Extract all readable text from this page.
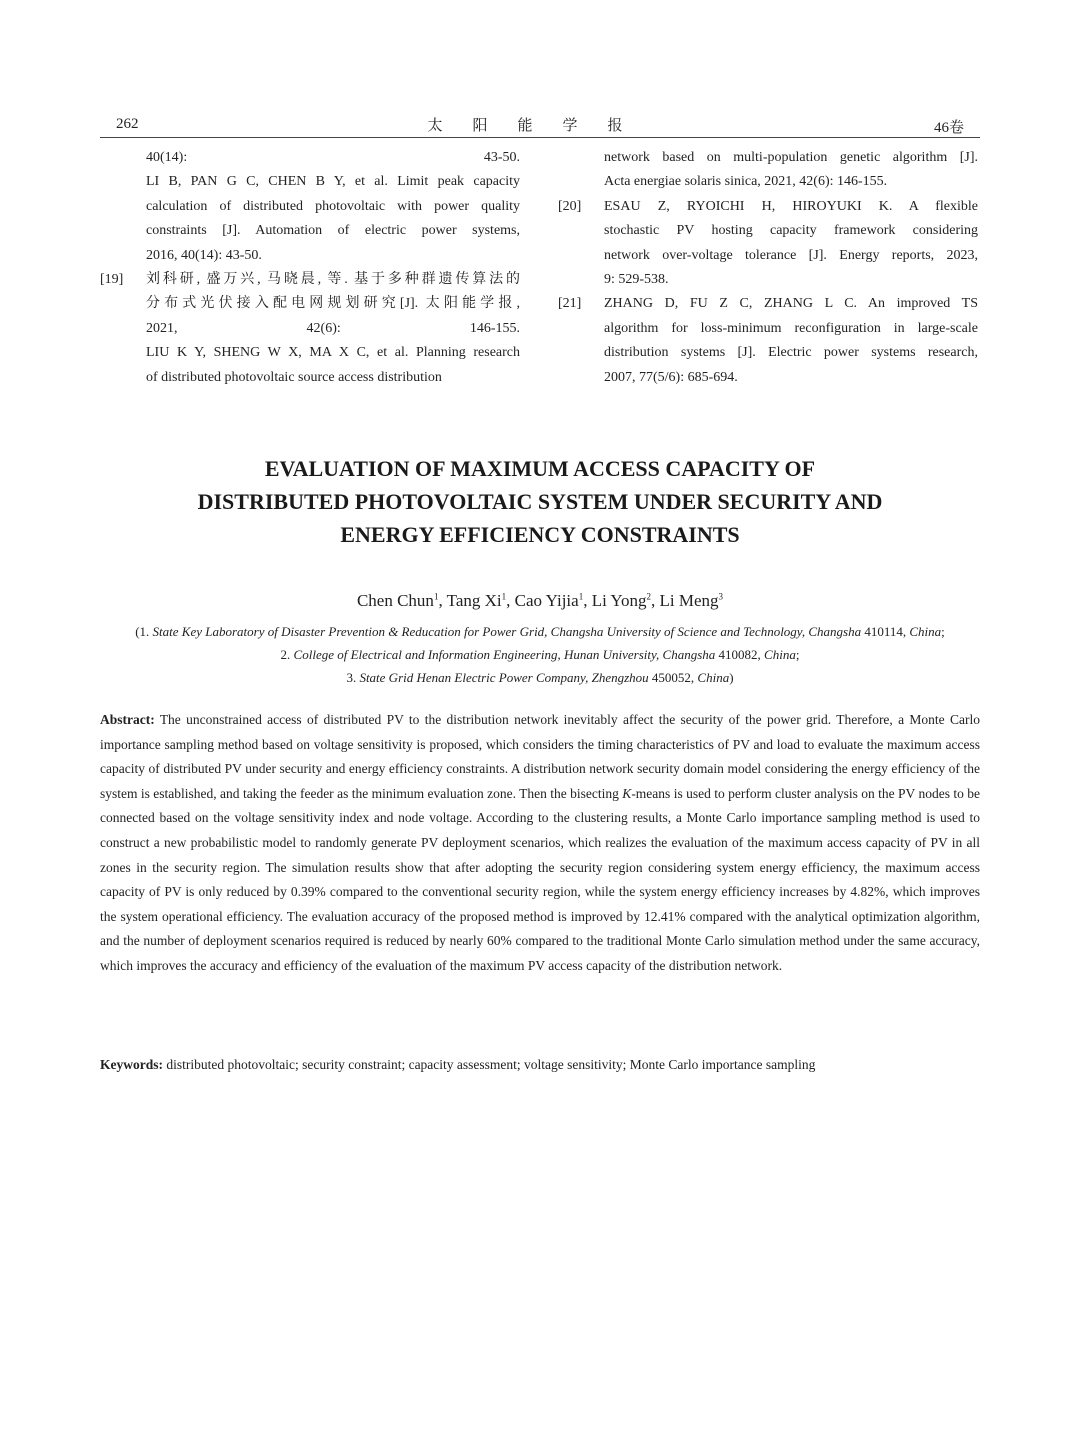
262	太阳能学报	46卷

40(14): 43-50.

LI B, PAN G C, CHEN B Y, et al. Limit peak capacity

calculation of distributed photovoltaic with power quality

constraints [J]. Automation of electric power systems,

2016, 40(14): 43-50.

[19] 刘科研, 盛万兴, 马晓晨, 等. 基于多种群遗传算法的

分布式光伏接入配电网规划研究[J]. 太阳能学报,

2021, 42(6): 146-155.

LIU K Y, SHENG W X, MA X C, et al. Planning research

of distributed photovoltaic source access distribution

network based on multi-population genetic algorithm [J].

Acta energiae solaris sinica, 2021, 42(6): 146-155.

[20] ESAU Z, RYOICHI H, HIROYUKI K. A flexible

stochastic PV hosting capacity framework considering

network over-voltage tolerance [J]. Energy reports, 2023,

9: 529-538.

[21] ZHANG D, FU Z C, ZHANG L C. An improved TS

algorithm for loss-minimum reconfiguration in large-scale

distribution systems [J]. Electric power systems research,

2007, 77(5/6): 685-694.

EVALUATION OF MAXIMUM ACCESS CAPACITY OF
DISTRIBUTED PHOTOVOLTAIC SYSTEM UNDER SECURITY AND
ENERGY EFFICIENCY CONSTRAINTS
Chen Chun$^1$, Tang Xi$^1$, Cao Yijia$^1$, Li Yong$^2$, Li Meng$^3$
(1. State Key Laboratory of Disaster Prevention & Reducation for Power Grid, Changsha University of Science and Technology, Changsha 410114, China;
2. College of Electrical and Information Engineering, Hunan University, Changsha 410082, China;
3. State Grid Henan Electric Power Company, Zhengzhou 450052, China)
Abstract: The unconstrained access of distributed PV to the distribution network inevitably affect the security of the power grid. Therefore, a Monte Carlo importance sampling method based on voltage sensitivity is proposed, which considers the timing characteristics of PV and load to evaluate the maximum access capacity of distributed PV under security and energy efficiency constraints. A distribution network security domain model considering the energy efficiency of the system is established, and taking the feeder as the minimum evaluation zone. Then the bisecting K-means is used to perform cluster analysis on the PV nodes to be connected based on the voltage sensitivity index and node voltage. According to the clustering results, a Monte Carlo importance sampling method is used to construct a new probabilistic model to randomly generate PV deployment scenarios, which realizes the evaluation of the maximum access capacity of PV in all zones in the security region. The simulation results show that after adopting the security region considering system energy efficiency, the maximum access capacity of PV is only reduced by 0.39% compared to the conventional security region, while the system energy efficiency increases by 4.82%, which improves the system operational efficiency. The evaluation accuracy of the proposed method is improved by 12.41% compared with the analytical optimization algorithm, and the number of deployment scenarios required is reduced by nearly 60% compared to the traditional Monte Carlo simulation method under the same accuracy, which improves the accuracy and efficiency of the evaluation of the maximum PV access capacity of the distribution network.
Keywords: distributed photovoltaic; security constraint; capacity assessment; voltage sensitivity; Monte Carlo importance sampling
